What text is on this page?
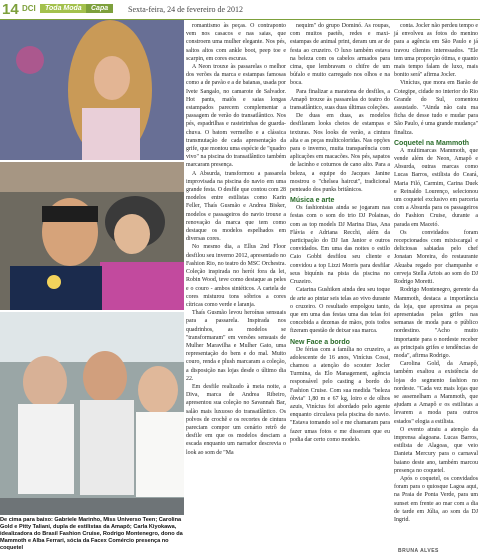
14 DCI	Toda Moda	Capa	Sexta-feira, 24 de fevereiro de 2012
De cima para baixo: Gabriele Marinho, Miss Universo Teen; Carolina Gold e Pitty Taliani, dupla de estilistas da Amapô; Carla Kiyokawa, idealizadora do Brasil Fashion Cruise, Rodrigo Montenegro, dono da Mammoth e Alba Ferrari, sócia da Facex Comércio presença no coquetel

romantismo às peças. O contraponto vem nos casacos e nas saias, que constroem uma mulher elegante. Nos pés, saltos altos com ankle boot, peep toe e scarpin, em cores escuras.

A Neon trouxe às passarelas o melhor dos verões da marca e estampas famosas como a de pavão e a de baianas, usada por Ivete Sangalo, no camarote de Salvador. Hot pants, maiôs e saias longas estampados parecem complementar a passagem de verão do transatlântico. Nos pés, espadrilhas e rasteirinhas de guarda-chuva. O batom vermelho e a clássica transmutação de cada apresentação da grife, que montou uma espécie de "quadro vivo" na piscina do transatlântico também marcaram presença.

A Absurda, transformou a passarela improvisada na piscina do navio em uma grande festa. O desfile que contou com 28 modelos entre estilistas como Karin Feller, Thaís Gusmão e Andrea Bisker, modelos e passageiros do navio trouxe a renovação da marca que tem como destaque os modelos espelhados em diversas cores.

No mesmo dia, a Ellus 2nd Floor desfilou seu inverno 2012, apresentado no Fashion Rio, no teatro do MSC Orchestra. Coleção inspirada no herói fora da lei, Robin Wood, teve como destaque as peles e o couro - ambos sintéticos. A cartela de cores misturou tons sóbrios a cores cítricas como verde e laranja.

Thaís Gusmão levou heroínas sensuais para a passarela. Inspirada nos quadrinhos, as modelos se "transformaram" em versões sensuais de Mulher Maravilha e Mulher Gato, uma representação do bem e do mal. Muito couro, renda e plush marcaram a coleção, a disposição nas lojas desde o último dia 22.

Em desfile realizado à meia noite, a Diva, marca de Andrea Ribeiro, apresentou sua coleção no Savannah Bar, salão mais luxuoso do transatlântico. Os polvos de crochê e os recortes de cintura pareciam compor um cenário retrô de desfile em que os modelos desciam a escada enquanto um narrador descrevia o look ao som de "Ma

nequim" do grupo Dominó. As roupas, com muitos paetês, redes e maxi-estampas de animal print, deram um ar de festa ao cruzeiro. O luxo também estava na beleza com os cabelos armados para cima, que lembravam o chifre de um búfalo e muito carregado nos olhos e na boca.

Para finalizar a maratona de desfiles, a Amapô trouxe às passarelas do teatro do transatlântico, suas duas últimas coleções.

De duas em duas, as modelos desfilaram looks cheios de estampas e texturas. Nos looks de verão, a cintura alta e as peças multicoloridas. Nas opções para o inverno, muita transparência com aplicações em macacões. Nos pés, sapatos de lacinho e coturnos de cano alto. Para a beleza, a equipe do Jacques Janine mostrou o "chelsea haircut", tradicional penteado dos punks britânicos.

Música e arte

Os fashionistas ainda se jogaram nas festas com o som do trio DJ Polainas, com as top models DJ Marina Dias, Ana Flávia e Adriana Recchi, além da participação do DJ Ian Janior e outros convidados. Em uma das noites o estilo Caio Gobbi desfilou seu cliente e convidou a top Lizzi Morris para desfilar seus biquínis na pista da piscina no Cruzeiro.

Catarina Gushiken ainda deu seu toque de arte ao pintar seis telas ao vivo durante o cruzeiro. O resultado empolgou tanto, que em uma das festas uma das telas foi concebida a dezenas de mãos, pois todos fizeram questão de deixar sua marca.

New Face a bordo

De férias com a família no cruzeiro, a adolescente de 16 anos, Vinícius Cossi, chamou a atenção do scouter Jocler Turmina, da Elo Management, agência responsável pelo casting a bordo do Fashion Cruise. Com sua medida "beleza óbvia" 1,80 m e 67 kg, loiro e de olhos azuis, Vinícius foi abordado pelo agente enquanto circulava pela piscina do navio. "Estava tomando sol e me chamaram para fazer umas fotos e me disseram que eu podia dar certo como modelo.

conta. Jocler não perdeu tempo e já envolveu as fotos do menino para a agência em São Paulo e já travou clientes interessados. "Ele tem uma proporção ótima, e quanto mais tempo falam de luxo, mais bonito será" afirma Jocler.

Vinícius, que mora em Barão de Cotegipe, cidade no interior do Rio Grande do Sul, comentou assustado. "Ainda não caiu ma ficha de desse tudo e mudar para São Paulo, é uma grande mudança" finaliza.

Coquetel na Mammoth

A multimarcas Mammoth, que vende além de Neon, Amapô e Absurda, outras marcas como Lucas Barros, estilista do Ceará, Maria Filó, Carmim, Carina Duek e Reinaldo Lourenço, selecionou um coquetel exclusivo em parceria com a Absurda para os passageiros do Fashion Cruise, durante a parada em Maceió.

Os convidados foram recepcionados com mixiscargal e deliciosas sabiadas pelo chef Jonatan Moreira, do restaurante Akuaba regado por champanhe e cerveja Stella Artois ao som do DJ Rodrigo Moretti.

Rodrigo Montenegro, gerente da Mammoth, destaca a importância da loja, que aproxima as peças apresentadas pelas grifes nas semanas de moda para o público nordestino. "Acho muito importante para o nordeste receber as principais grifes e tendências de moda", afirma Rodrigo.

Carolina Gold, da Amapô, também exaltou a existência de lojas do segmento fashion no nordeste. "Cada vez mais lojas que se assemelham a Mammoth, que ajudam a Amapô e os estilistas a levarem a moda para outros estados" elogia a estilista.

O evento atraiu a atenção da imprensa alagoana. Lucas Barros, estilista de Alagoas, que veio Danieta Mercury para o carnaval baiano deste ano, também marcou presença no coquetel.

Após o coquetel, os convidados foram para o quiosque Lagoa aqui, na Praia de Ponta Verde, para um sunset em frente ao mar com a dia de tarde em Júlia, ao som da DJ Ingrid.

BRUNA ALVES
